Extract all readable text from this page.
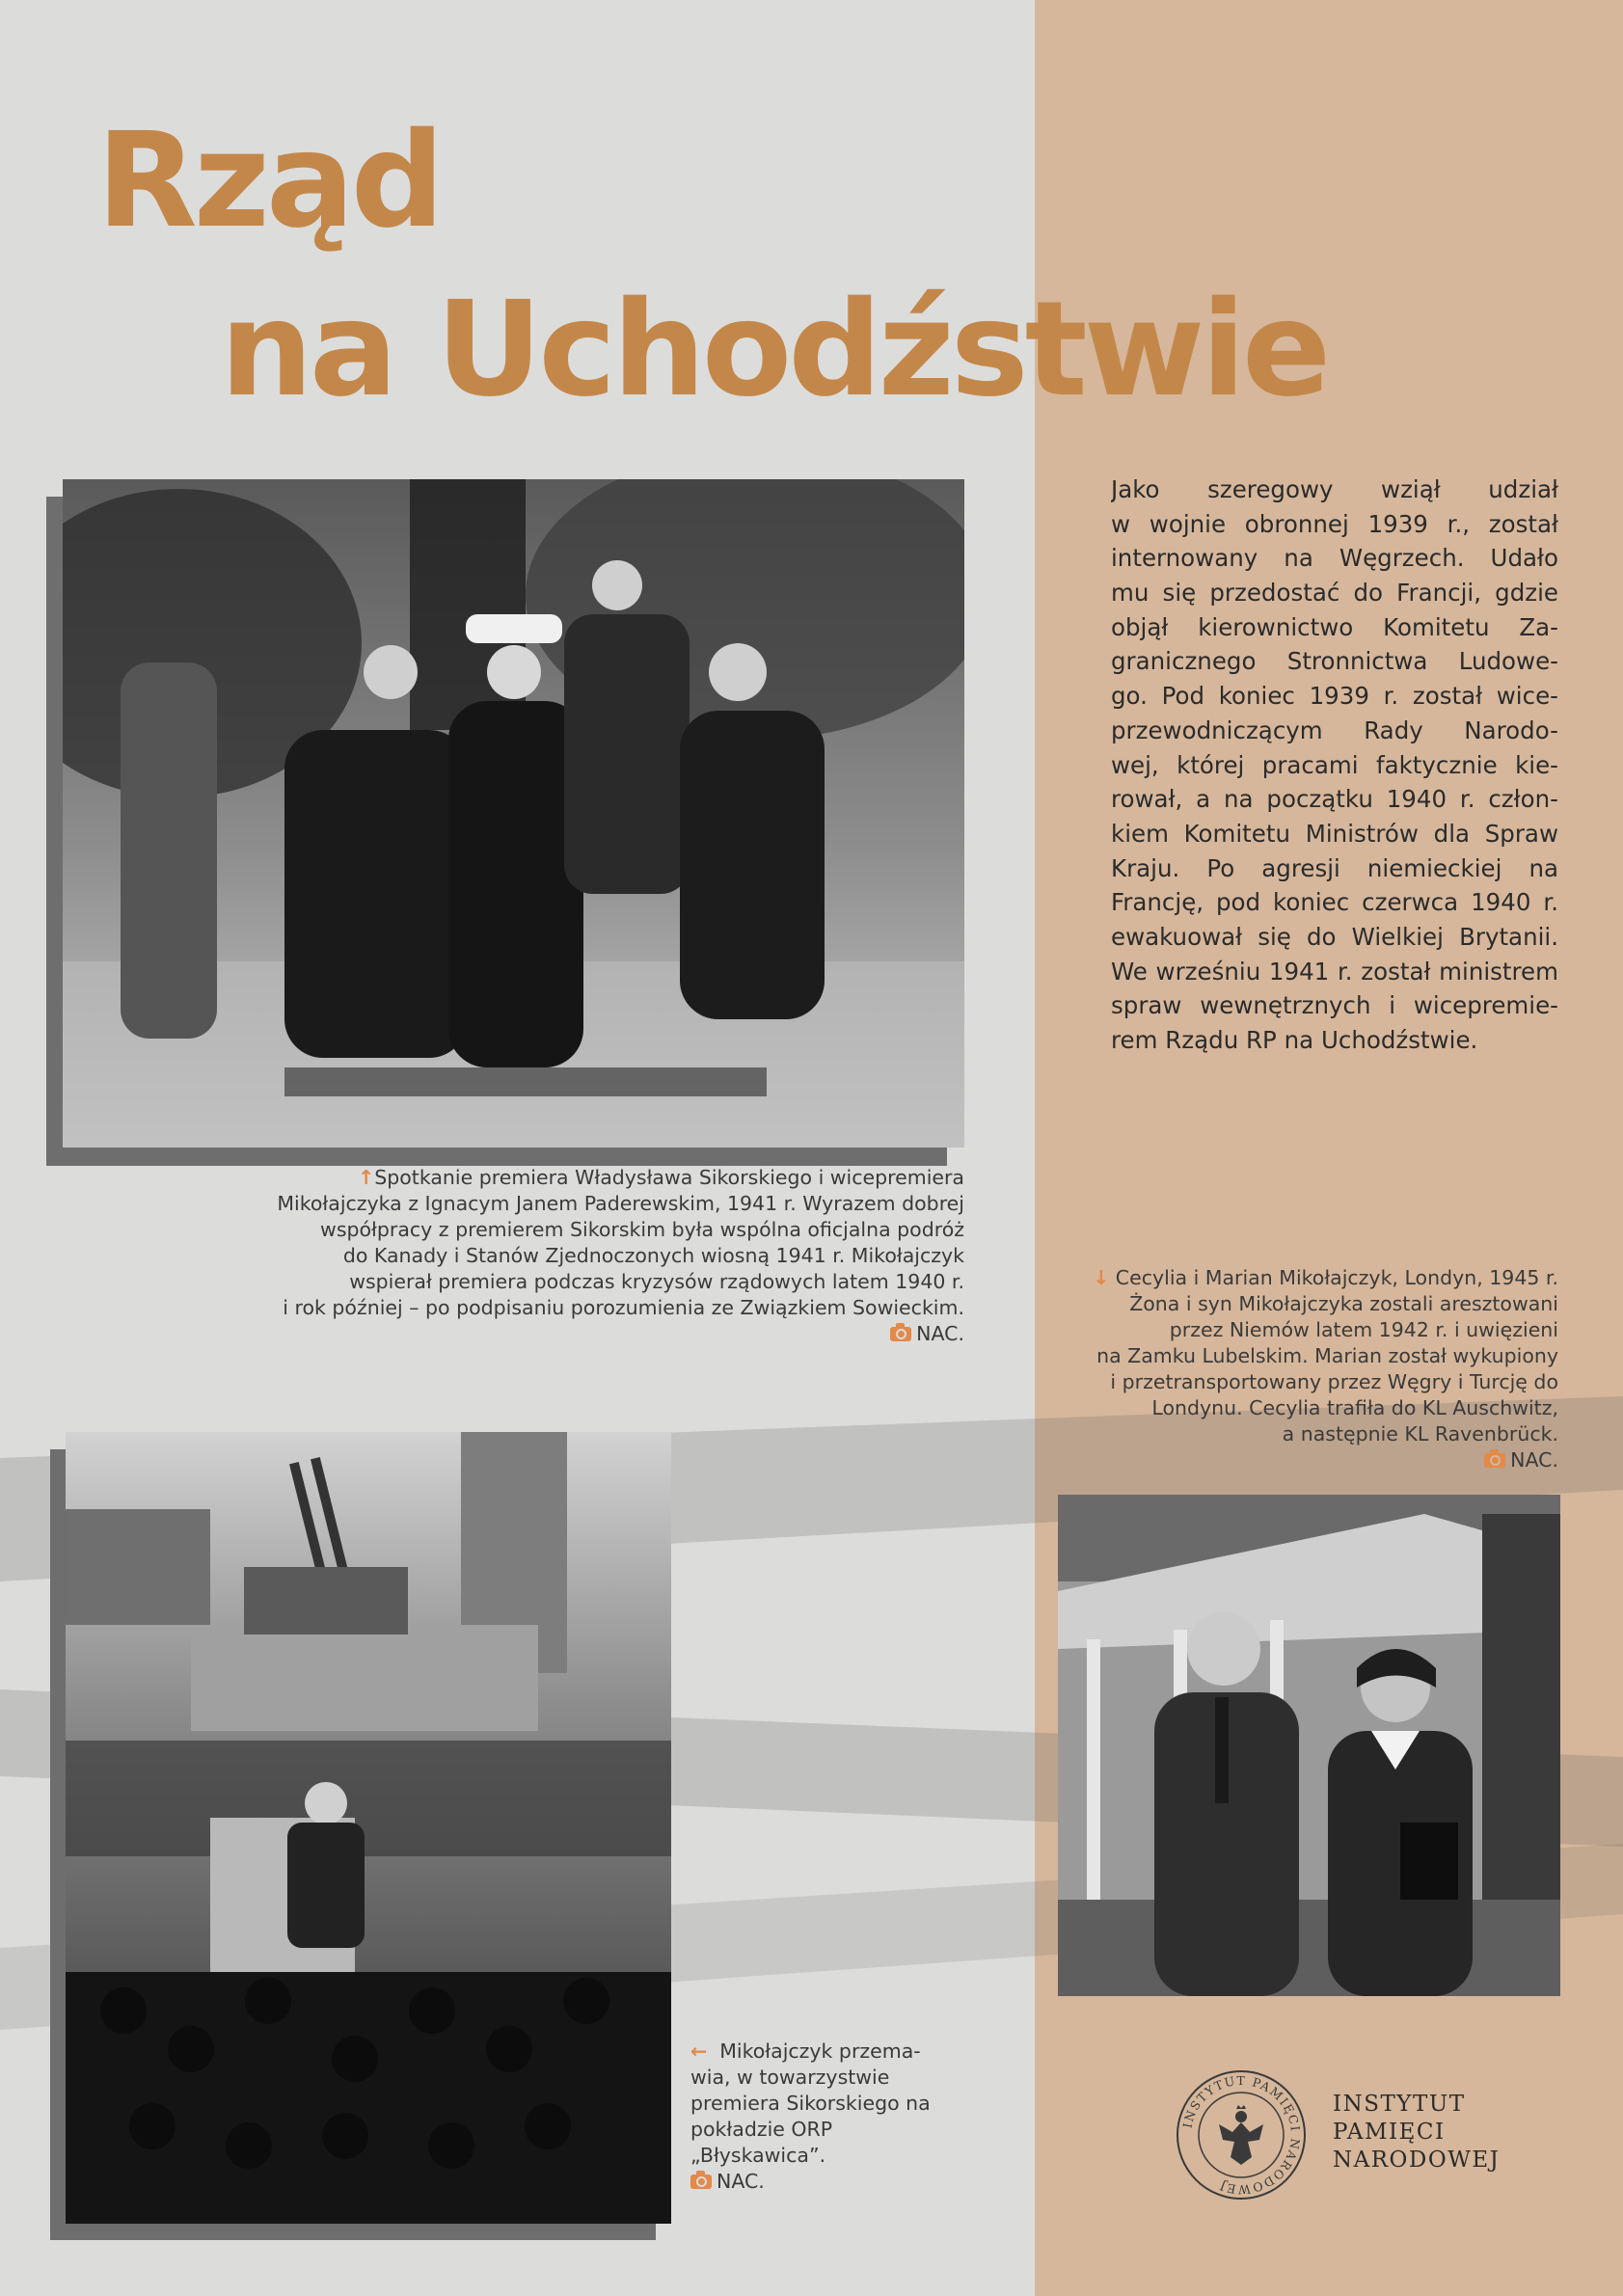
Rząd
na Uchodźstwie

↑Spotkanie premiera Władysława Sikorskiego i wicepremiera
Mikołajczyka z Ignacym Janem Paderewskim, 1941 r. Wyrazem dobrej
współpracy z premierem Sikorskim była wspólna oficjalna podróż
do Kanady i Stanów Zjednoczonych wiosną 1941 r. Mikołajczyk
wspierał premiera podczas kryzysów rządowych latem 1940 r.
i rok później – po podpisaniu porozumienia ze Związkiem Sowieckim.
NAC.

Jako szeregowy wziął udział
w wojnie obronnej 1939 r., został
internowany na Węgrzech. Udało
mu się przedostać do Francji, gdzie
objął kierownictwo Komitetu Za-
granicznego Stronnictwa Ludowe-
go. Pod koniec 1939 r. został wice-
przewodniczącym Rady Narodo-
wej, której pracami faktycznie kie-
rował, a na początku 1940 r. człon-
kiem Komitetu Ministrów dla Spraw
Kraju. Po agresji niemieckiej na
Francję, pod koniec czerwca 1940 r.
ewakuował się do Wielkiej Brytanii.
We wrześniu 1941 r. został ministrem
spraw wewnętrznych i wicepremie-
rem Rządu RP na Uchodźstwie.

↓ Cecylia i Marian Mikołajczyk, Londyn, 1945 r.
Żona i syn Mikołajczyka zostali aresztowani
przez Niemów latem 1942 r. i uwięzieni
na Zamku Lubelskim. Marian został wykupiony
i przetransportowany przez Węgry i Turcję do
Londynu. Cecylia trafiła do KL Auschwitz,
a następnie KL Ravenbrück.
NAC.

← Mikołajczyk przema-
wia, w towarzystwie
premiera Sikorskiego na
pokładzie ORP
„Błyskawica”.
NAC.

INSTYTUT PAMIĘCI NARODOWEJ
INSTYTUT
PAMIĘCI
NARODOWEJ
